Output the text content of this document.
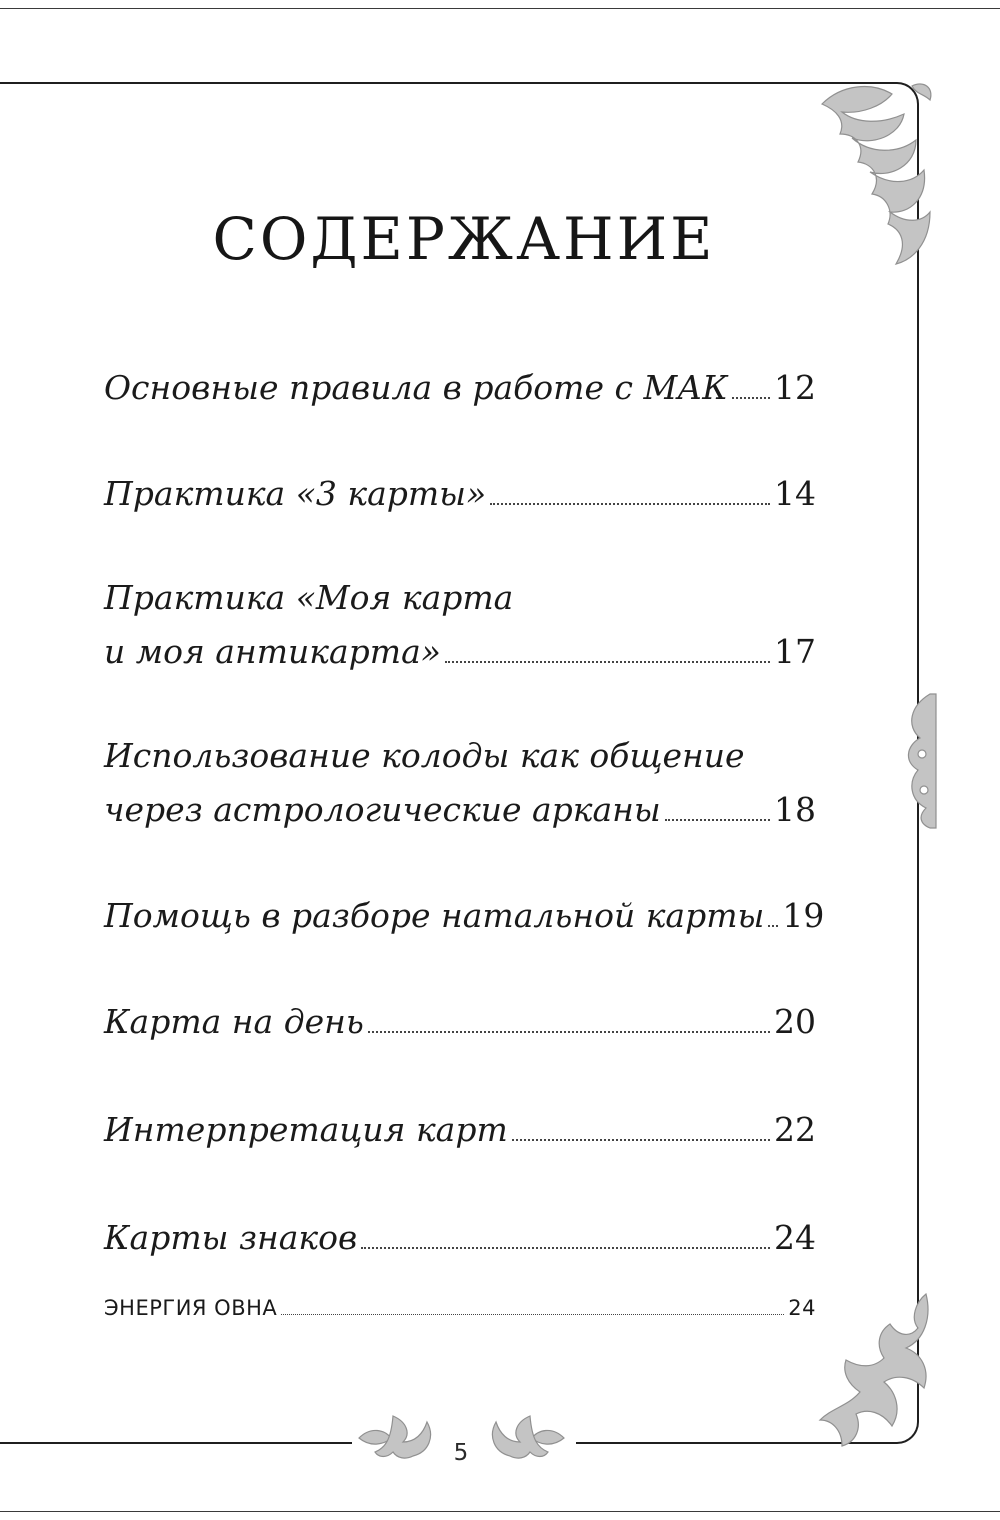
СОДЕРЖАНИЕ
Основные правила в работе с МАК 12
Практика «3 карты»	14
Практика «Моя карта
и моя антикарта»	17
Использование колоды как общение
через астрологические арканы	18
Помощь в разборе натальной карты 19
Карта на день	20
Интерпретация карт	22
Карты знаков	24
ЭНЕРГИЯ ОВНА	24
5
